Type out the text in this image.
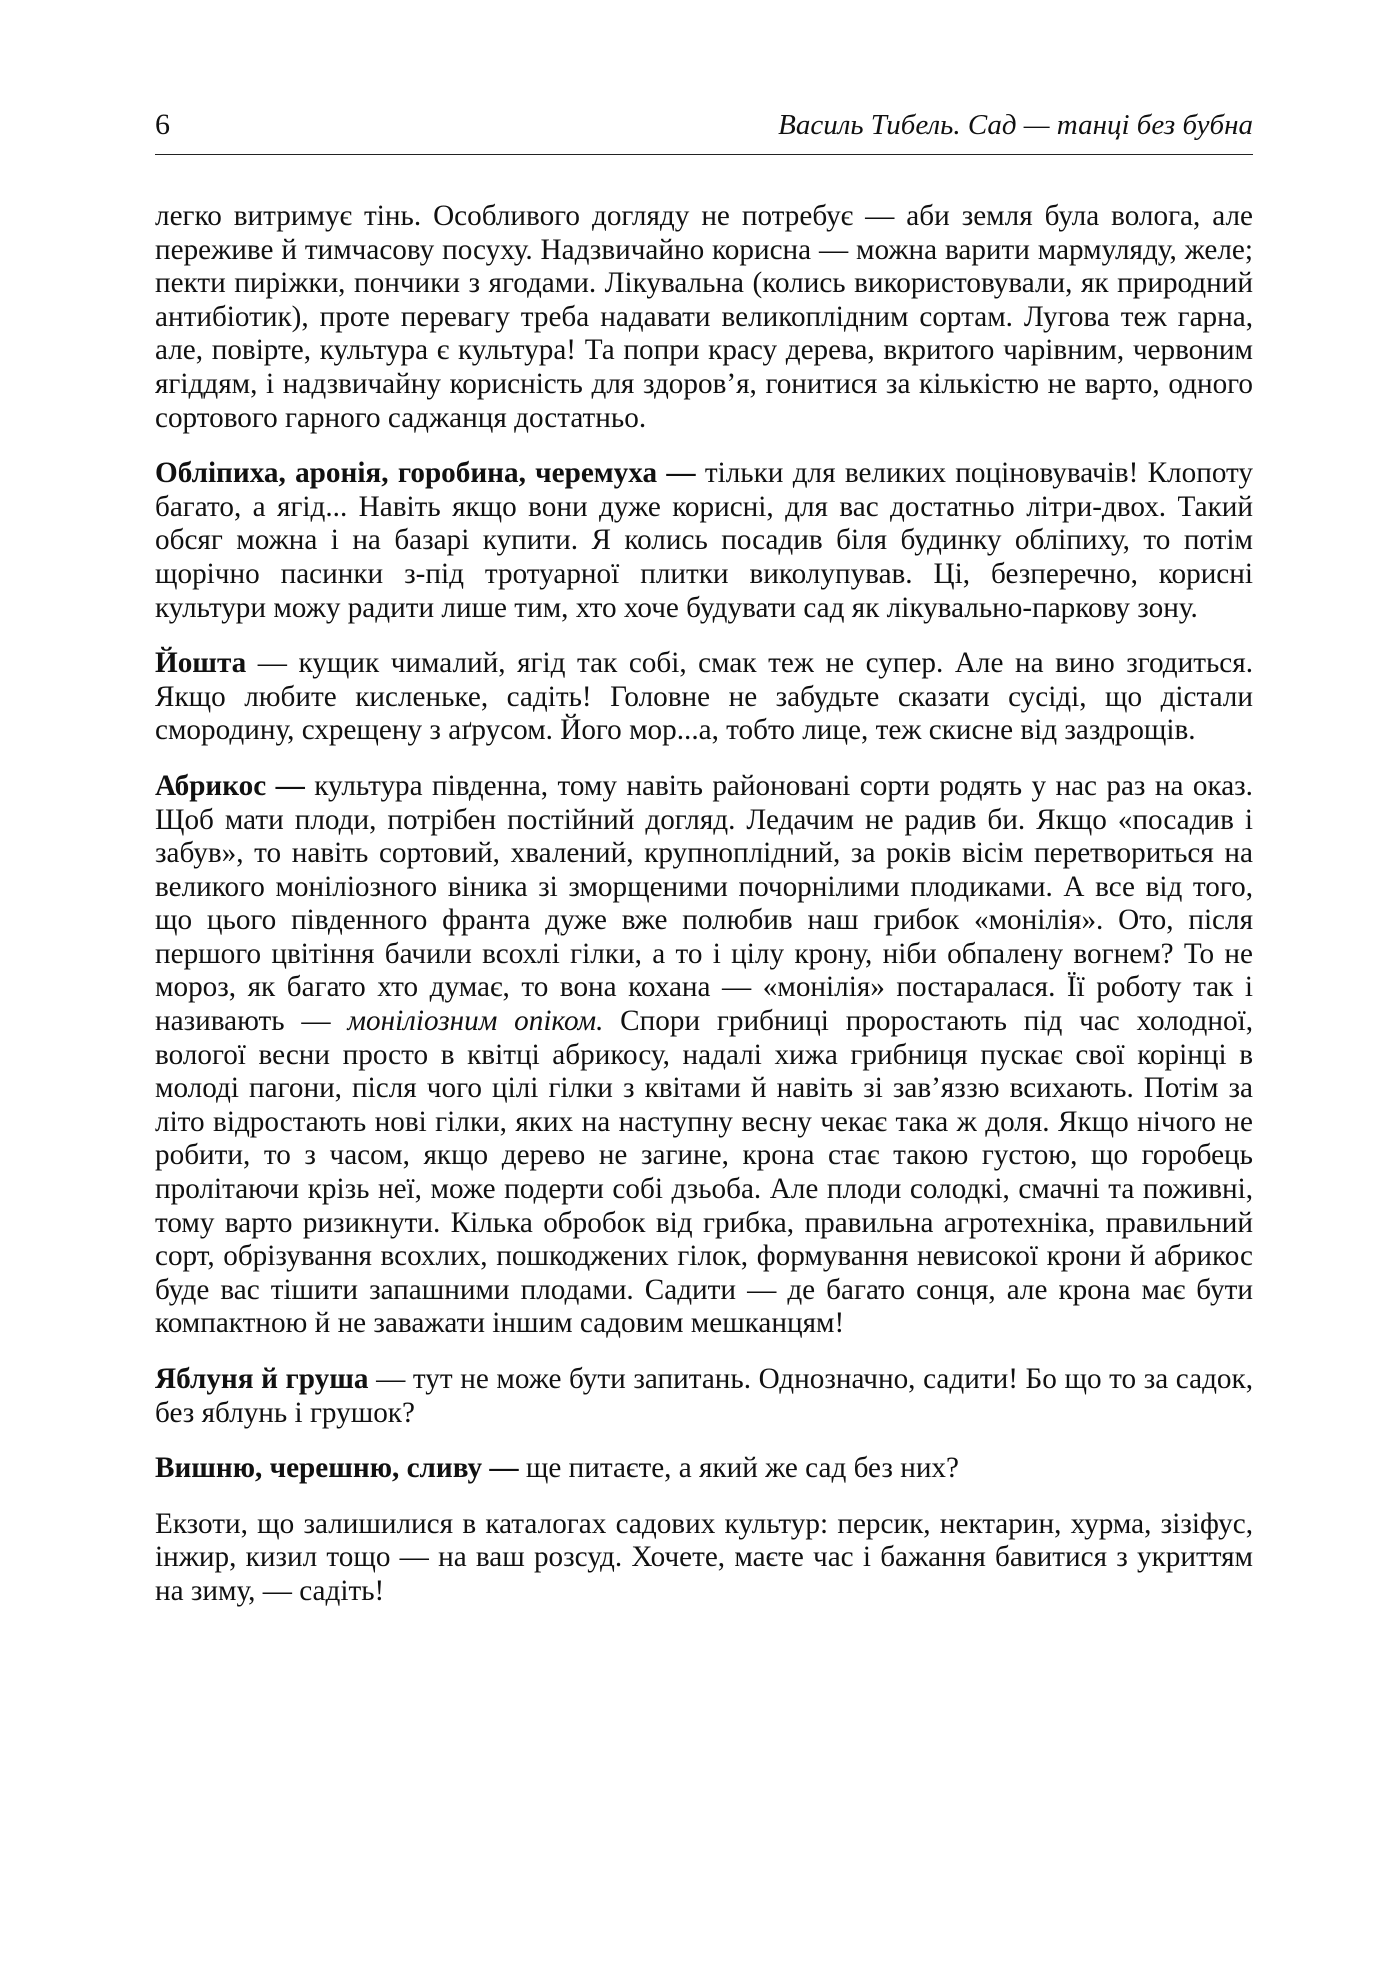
6	Василь Тибель. Сад — танці без бубна

легко витримує тінь. Особливого догляду не потребує — аби земля була волога, але переживе й тимчасову посуху. Надзвичайно корисна — можна варити мармуляду, желе; пекти пиріжки, пончики з ягодами. Лікувальна (колись використовували, як природний антибіотик), проте перевагу треба надавати великоплідним сортам. Лугова теж гарна, але, повірте, культура є культура! Та попри красу дерева, вкритого чарівним, червоним ягіддям, і надзвичайну корисність для здоров’я, гонитися за кількістю не варто, одного сортового гарного саджанця достатньо.

Обліпиха, аронія, горобина, черемуха — тільки для великих поціновувачів! Клопоту багато, а ягід... Навіть якщо вони дуже корисні, для вас достатньо літри-двох. Такий обсяг можна і на базарі купити. Я колись посадив біля будинку обліпиху, то потім щорічно пасинки з-під тротуарної плитки виколупував. Ці, безперечно, корисні культури можу радити лише тим, хто хоче будувати сад як лікувально-паркову зону.

Йошта — кущик чималий, ягід так собі, смак теж не супер. Але на вино згодиться. Якщо любите кисленьке, садіть! Головне не забудьте сказати сусіді, що дістали смородину, схрещену з аґрусом. Його мор...а, тобто лице, теж скисне від заздрощів.

Абрикос — культура південна, тому навіть районовані сорти родять у нас раз на оказ. Щоб мати плоди, потрібен постійний догляд. Ледачим не радив би. Якщо «посадив і забув», то навіть сортовий, хвалений, крупноплідний, за років вісім перетвориться на великого моніліозного віника зі зморщеними почорнілими плодиками. А все від того, що цього південного франта дуже вже полюбив наш грибок «монілія». Ото, після першого цвітіння бачили всохлі гілки, а то і цілу крону, ніби обпалену вогнем? То не мороз, як багато хто думає, то вона кохана — «монілія» постаралася. Її роботу так і називають — моніліозним опіком. Спори грибниці проростають під час холодної, вологої весни просто в квітці абрикосу, надалі хижа грибниця пускає свої корінці в молоді пагони, після чого цілі гілки з квітами й навіть зі зав’яззю всихають. Потім за літо відростають нові гілки, яких на наступну весну чекає така ж доля. Якщо нічого не робити, то з часом, якщо дерево не загине, крона стає такою густою, що горобець пролітаючи крізь неї, може подерти собі дзьоба. Але плоди солодкі, смачні та поживні, тому варто ризикнути. Кілька обробок від грибка, правильна агротехніка, правильний сорт, обрізування всохлих, пошкоджених гілок, формування невисокої крони й абрикос буде вас тішити запашними плодами. Садити — де багато сонця, але крона має бути компактною й не заважати іншим садовим мешканцям!

Яблуня й груша — тут не може бути запитань. Однозначно, садити! Бо що то за садок, без яблунь і грушок?

Вишню, черешню, сливу — ще питаєте, а який же сад без них?

Екзоти, що залишилися в каталогах садових культур: персик, нектарин, хурма, зізіфус, інжир, кизил тощо — на ваш розсуд. Хочете, маєте час і бажання бавитися з укриттям на зиму, — садіть!
